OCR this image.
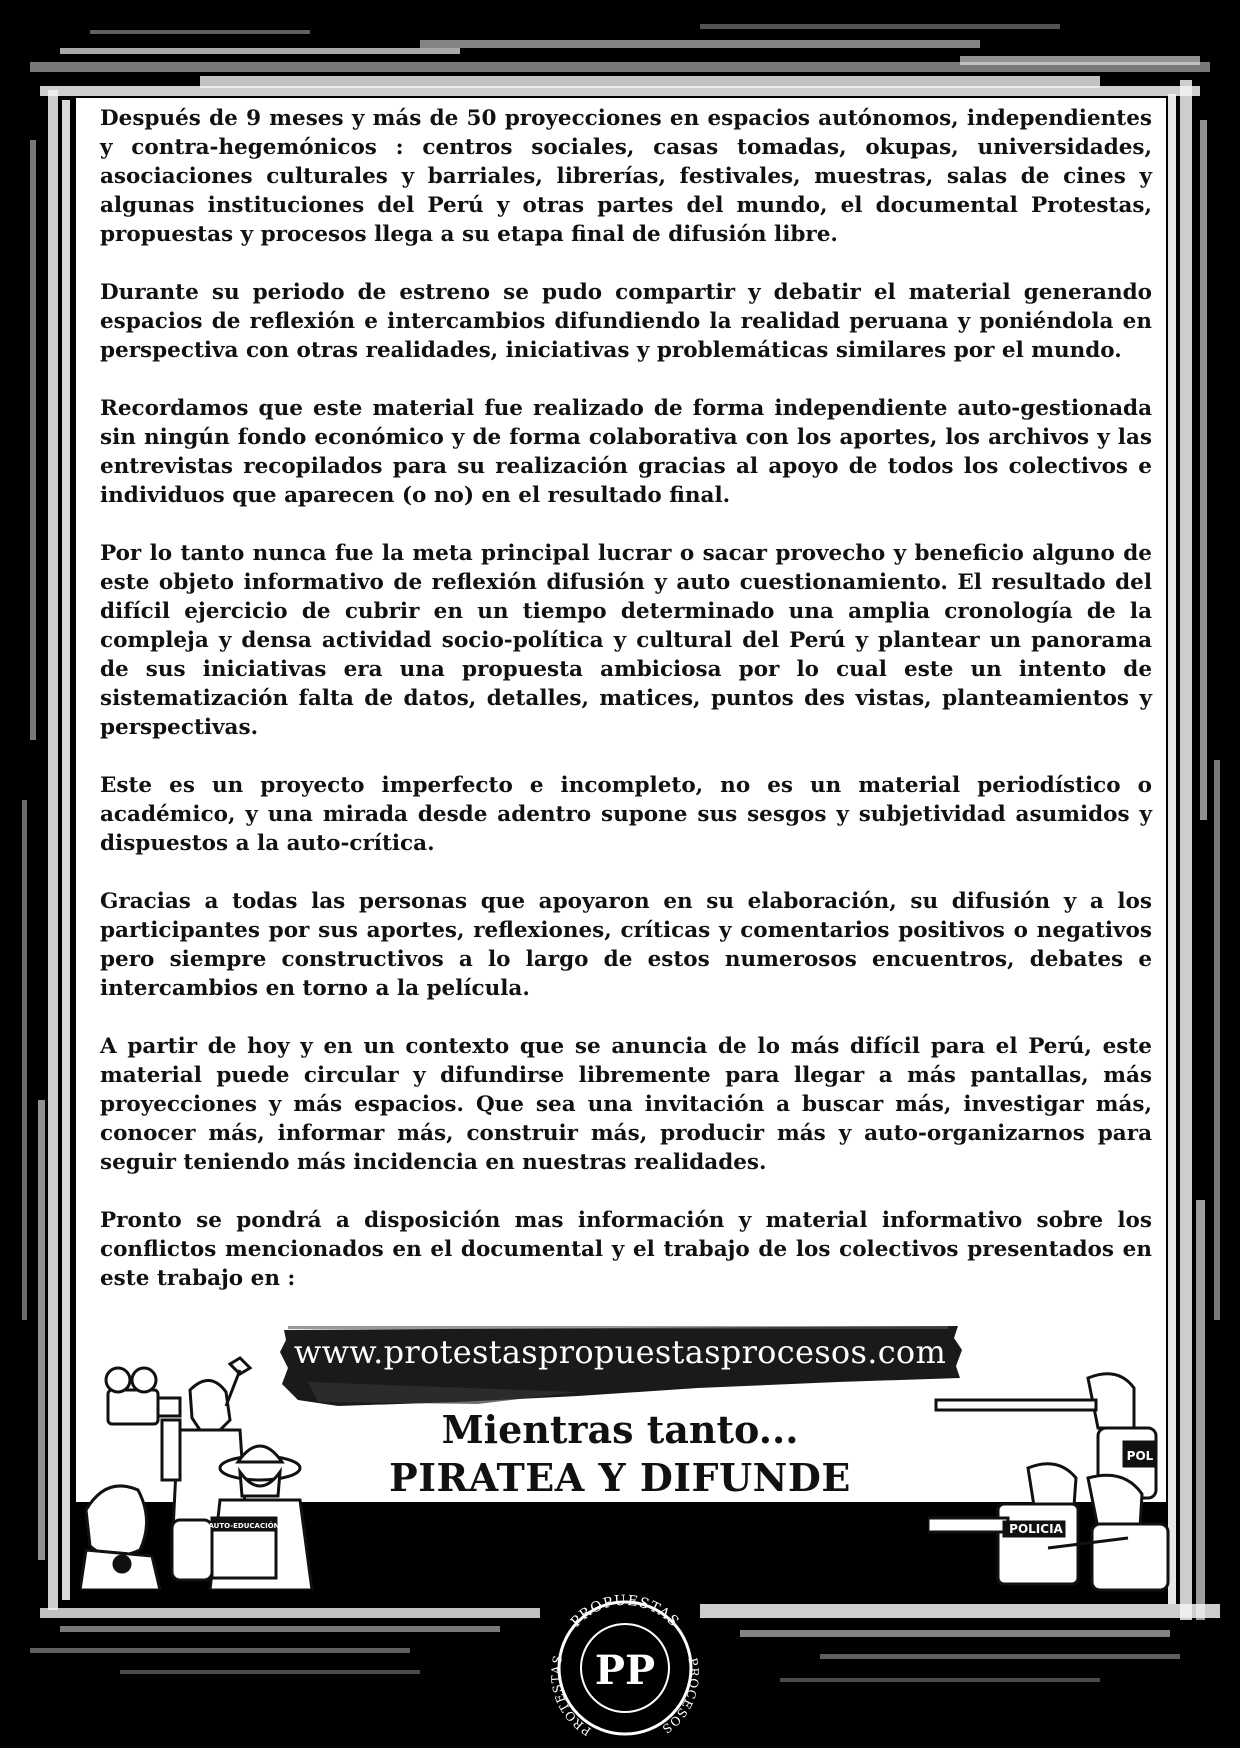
Después de 9 meses y más de 50 proyecciones en espacios autónomos, independientes y contra-hegemónicos : centros sociales, casas tomadas, okupas, universidades, asociaciones culturales y barriales, librerías, festivales, muestras, salas de cines y algunas instituciones del Perú y otras partes del mundo, el documental Protestas, propuestas y procesos llega a su etapa final de difusión libre.

Durante su periodo de estreno se pudo compartir y debatir el material generando espacios de reflexión e intercambios difundiendo la realidad peruana y poniéndola en perspectiva con otras realidades, iniciativas y problemáticas similares por el mundo.

Recordamos que este material fue realizado de forma independiente auto-gestionada sin ningún fondo económico y de forma colaborativa con los aportes, los archivos y las entrevistas recopilados para su realización gracias al apoyo de todos los colectivos e individuos que aparecen (o no) en el resultado final.

Por lo tanto nunca fue la meta principal lucrar o sacar provecho y beneficio alguno de este objeto informativo de reflexión difusión y auto cuestionamiento. El resultado del difícil ejercicio de cubrir en un tiempo determinado una amplia cronología de la compleja y densa actividad socio-política y cultural del Perú y plantear un panorama de sus iniciativas era una propuesta ambiciosa por lo cual este un intento de sistematización falta de datos, detalles, matices, puntos des vistas, planteamientos y perspectivas.

Este es un proyecto imperfecto e incompleto, no es un material periodístico o académico, y una mirada desde adentro supone sus sesgos y subjetividad asumidos y dispuestos a la auto-crítica.

Gracias a todas las personas que apoyaron en su elaboración, su difusión y a los participantes por sus aportes, reflexiones, críticas y comentarios positivos o negativos pero siempre constructivos a lo largo de estos numerosos encuentros, debates e intercambios en torno a la película.

A partir de hoy y en un contexto que se anuncia de lo más difícil para el Perú, este material puede circular y difundirse libremente para llegar a más pantallas, más proyecciones y más espacios. Que sea una invitación a buscar más, investigar más, conocer más, informar más, construir más, producir más y auto-organizarnos para seguir teniendo más incidencia en nuestras realidades.

Pronto se pondrá a disposición mas información y material informativo sobre los conflictos mencionados en el documental y el trabajo de los colectivos presentados en este trabajo en :

www.protestaspropuestasprocesos.com
Mientras tanto...
PIRATEA Y DIFUNDE
AUTO-EDUCACIÓN	POLICIA
POL
PP
PROPUESTAS
PROTESTAS	PROCESOS
